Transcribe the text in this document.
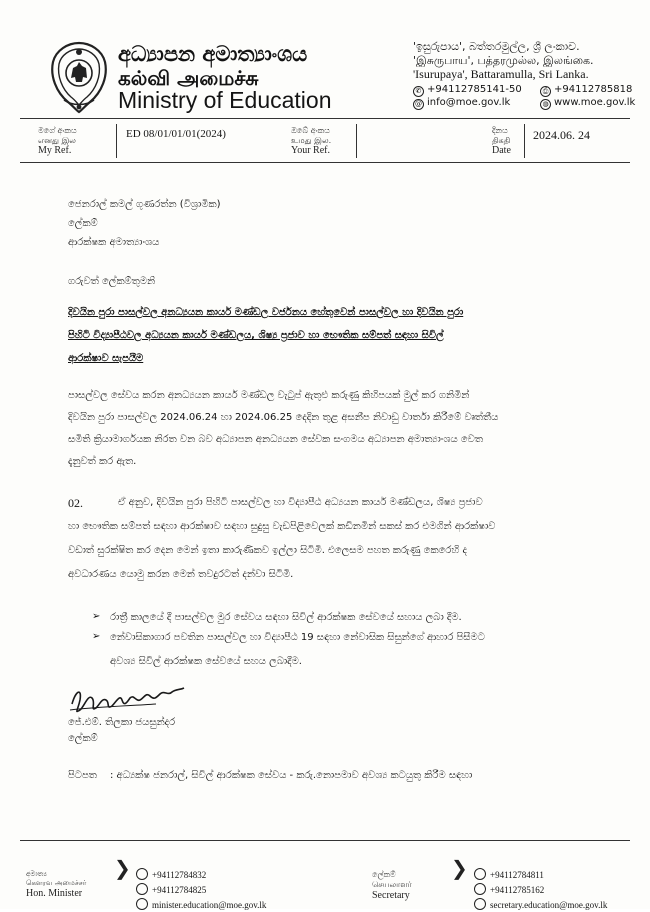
අධ්‍යාපන අමාත්‍යාංශය
கல்வி அமைச்சு
Ministry of Education
'ඉසුරුපාය', බත්තරමුල්ල, ශ්‍රී ලංකාව.
'இசுருபாய', பத்தரமுல்ல, இலங்கை.
'Isurupaya', Battaramulla, Sri Lanka.
✆ +94112785141-50	⎙ +94112785818
@ info@moe.gov.lk	◍ www.moe.gov.lk
මගේ අංකය
எனது இல
My Ref.
ED 08/01/01/01(2024)	ඔබේ අංකය
உமது இல.
Your Ref.
දිනය
திகதி
Date
2024.06. 24
ජෙනරාල් කමල් ගුණරත්න (විශ්‍රාමික)
ලේකම්
ආරක්ෂක අමාත්‍යාංශය
ගරුවත් ලේකම්තුමනි
දිවයින පුරා පාසල්වල අනධ්‍යයන කාර්ය මණ්ඩල වර්ජනය හේතුවෙන් පාසල්වල හා දිවයින පුරා
පිහිටි විද්‍යාපීඨවල අධ්‍යයන කාර්ය මණ්ඩලය, ශිෂ්‍ය ප්‍රජාව හා භෞතික සම්පත් සඳහා සිවිල්
ආරක්ෂාව සැපයීම
පාසල්වල සේවය කරන අනධ්‍යයන කාර්ය මණ්ඩල වැටුප් ඇතුළු කරුණු කිහිපයක් මුල් කර ගනිමින්
දිවයින පුරා පාසල්වල 2024.06.24 හා 2024.06.25 දෙදින තුළ අසනීප නිවාඩු වාර්තා කිරීමේ වෘත්තීය
සමිති ක්‍රියාමාර්ගයක නිරත වන බව අධ්‍යාපන අනධ්‍යයන සේවක සංගමය අධ්‍යාපන අමාත්‍යාංශය වෙත
දැනුවත් කර ඇත.
02.	ඒ අනුව, දිවයින පුරා පිහිටි පාසල්වල හා විද්‍යාපීඨ අධ්‍යයන කාර්ය මණ්ඩලය, ශිෂ්‍ය ප්‍රජාව
හා භෞතික සම්පත් සඳහා ආරක්ෂාව සඳහා සුදුසු වැඩපිළිවෙලක් කඩිනමින් සකස් කර එමගින් ආරක්ෂාව
වඩාත් සුරක්ෂිත කර දෙන මෙන් ඉතා කාරුණිකව ඉල්ලා සිටිමි. එලෙසම පහත කරුණු කෙරෙහි ද
අවධාරණය යොමු කරන මෙන් තවදුරටත් දන්වා සිටිමි.
➢ රාත්‍රී කාලයේ දී පාසල්වල මුර සේවය සඳහා සිවිල් ආරක්ෂක සේවයේ සහාය ලබා දීම.
➢ නේවාසිකාගාර පවතින පාසල්වල හා විද්‍යාපීඨ 19 සඳහා නේවාසික සිසුන්ගේ ආහාර පිසීමට
අවශ්‍ය සිවිල් ආරක්ෂක සේවයේ සහය ලබාදීම.
ජේ.එම්. තිලකා ජයසුන්දර
ලේකම්
පිටපත : අධ්‍යක්ෂ ජනරාල්, සිවිල් ආරක්ෂක සේවය - කරු.නොපමාව අවශ්‍ය කටයුතු කිරීම සඳහා
අමාත්‍ය
கௌரவ அமைச்சர்
Hon. Minister
❯	+94112784832
+94112784825
minister.education@moe.gov.lk
ලේකම්
செயலாளர்
Secretary
❯	+94112784811
+94112785162
secretary.education@moe.gov.lk
